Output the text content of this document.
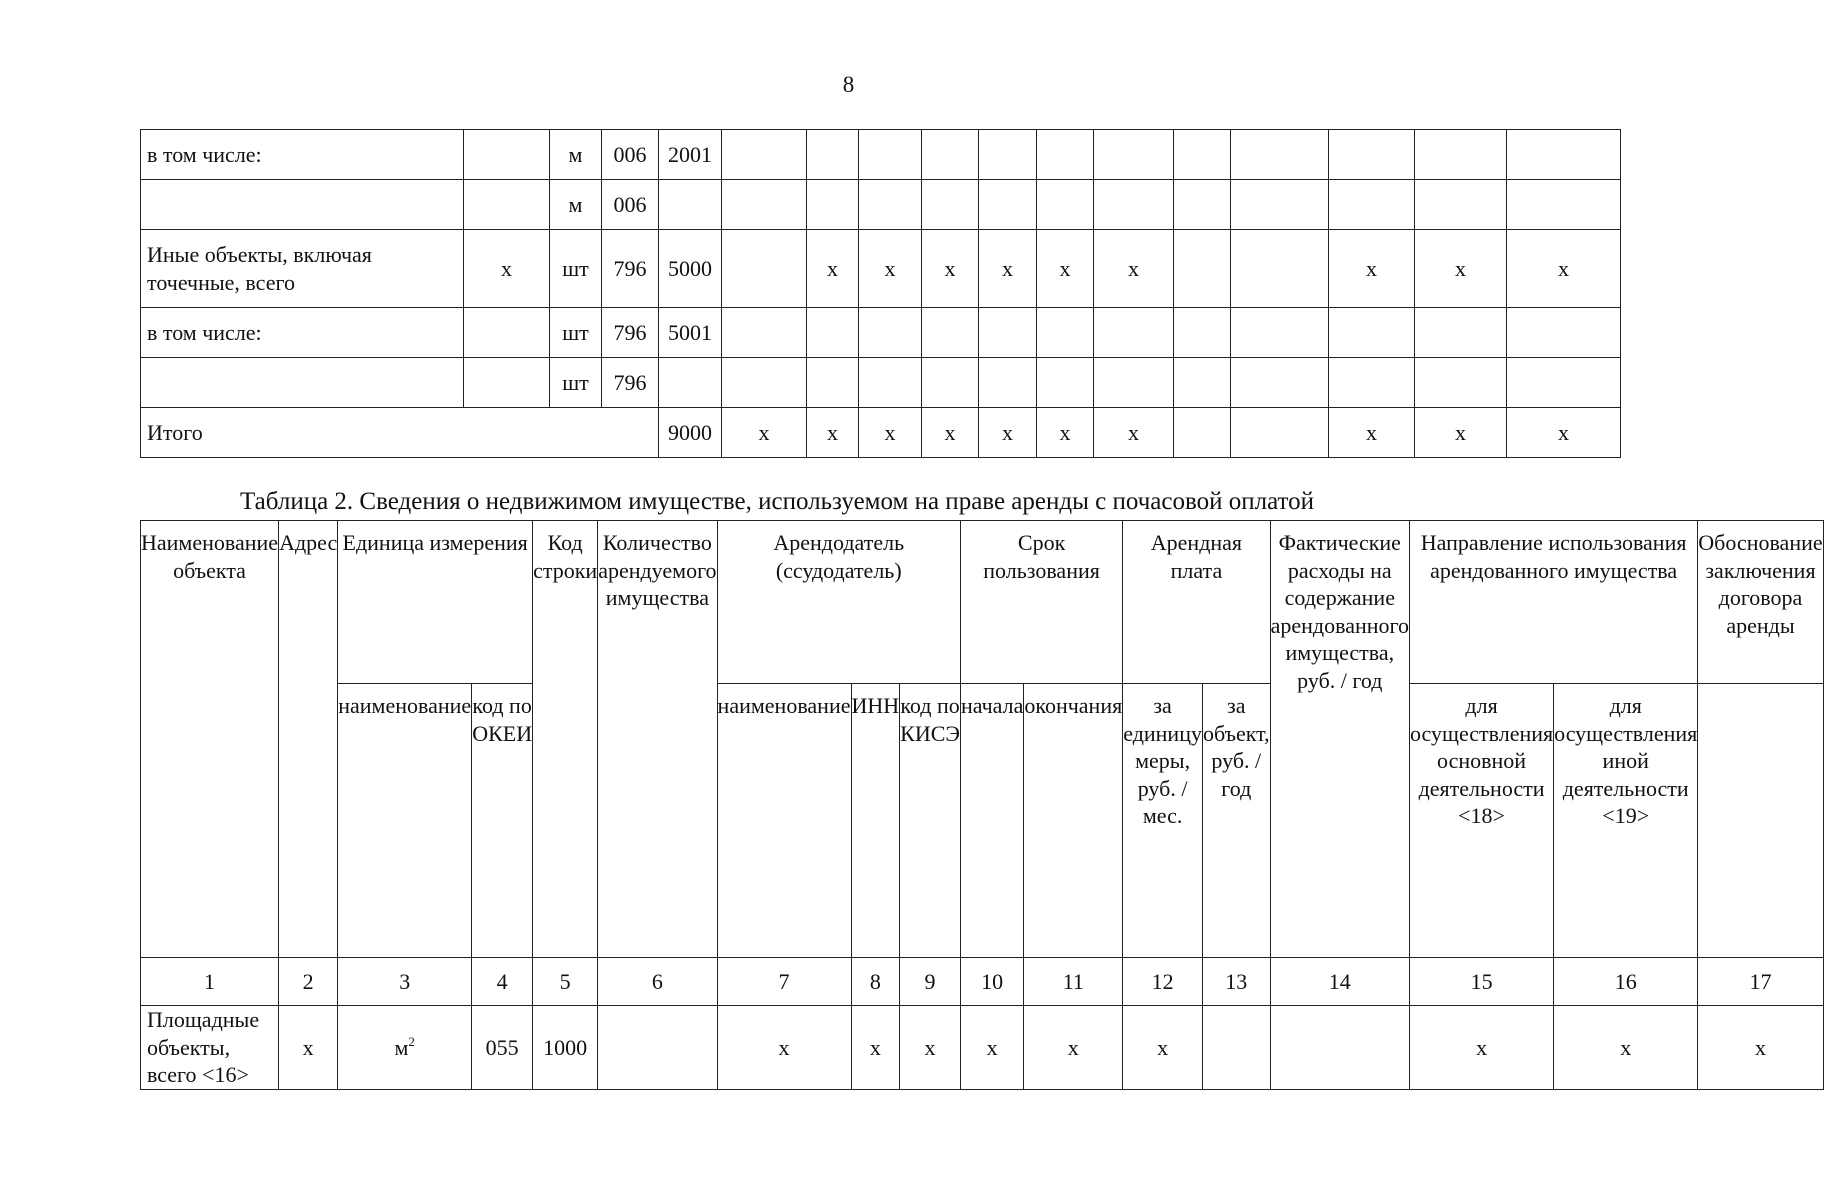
8
в том числе:		м	006	2001												
		м	006													
Иные объекты, включая точечные, всего	x	шт	796	5000		x	x	x	x	x	x			x	x	x
в том числе:		шт	796	5001												
		шт	796													
Итого				9000	x	x	x	x	x	x	x			x	x	x
Таблица 2. Сведения о недвижимом имуществе, используемом на праве аренды с почасовой оплатой
Наименование объекта	Адрес	Единица измерения		Код строки	Количество арендуемого имущества	Арендодатель (ссудодатель)			Срок пользования		Арендная плата		Фактические расходы на содержание арендованного имущества, руб. / год	Направление использования арендованного имущества		Обоснование заключения договора аренды
		наименование	код по ОКЕИ			наименование	ИНН	код по КИСЭ	начала	окончания	за единицу меры, руб. / мес.	за объект, руб. / год		для осуществления основной деятельности <18>	для осуществления иной деятельности <19>	
1	2	3	4	5	6	7	8	9	10	11	12	13	14	15	16	17
Площадные объекты, всего <16>	x	$м^2$	055	1000		x	x	x	x	x	x			x	x	x
